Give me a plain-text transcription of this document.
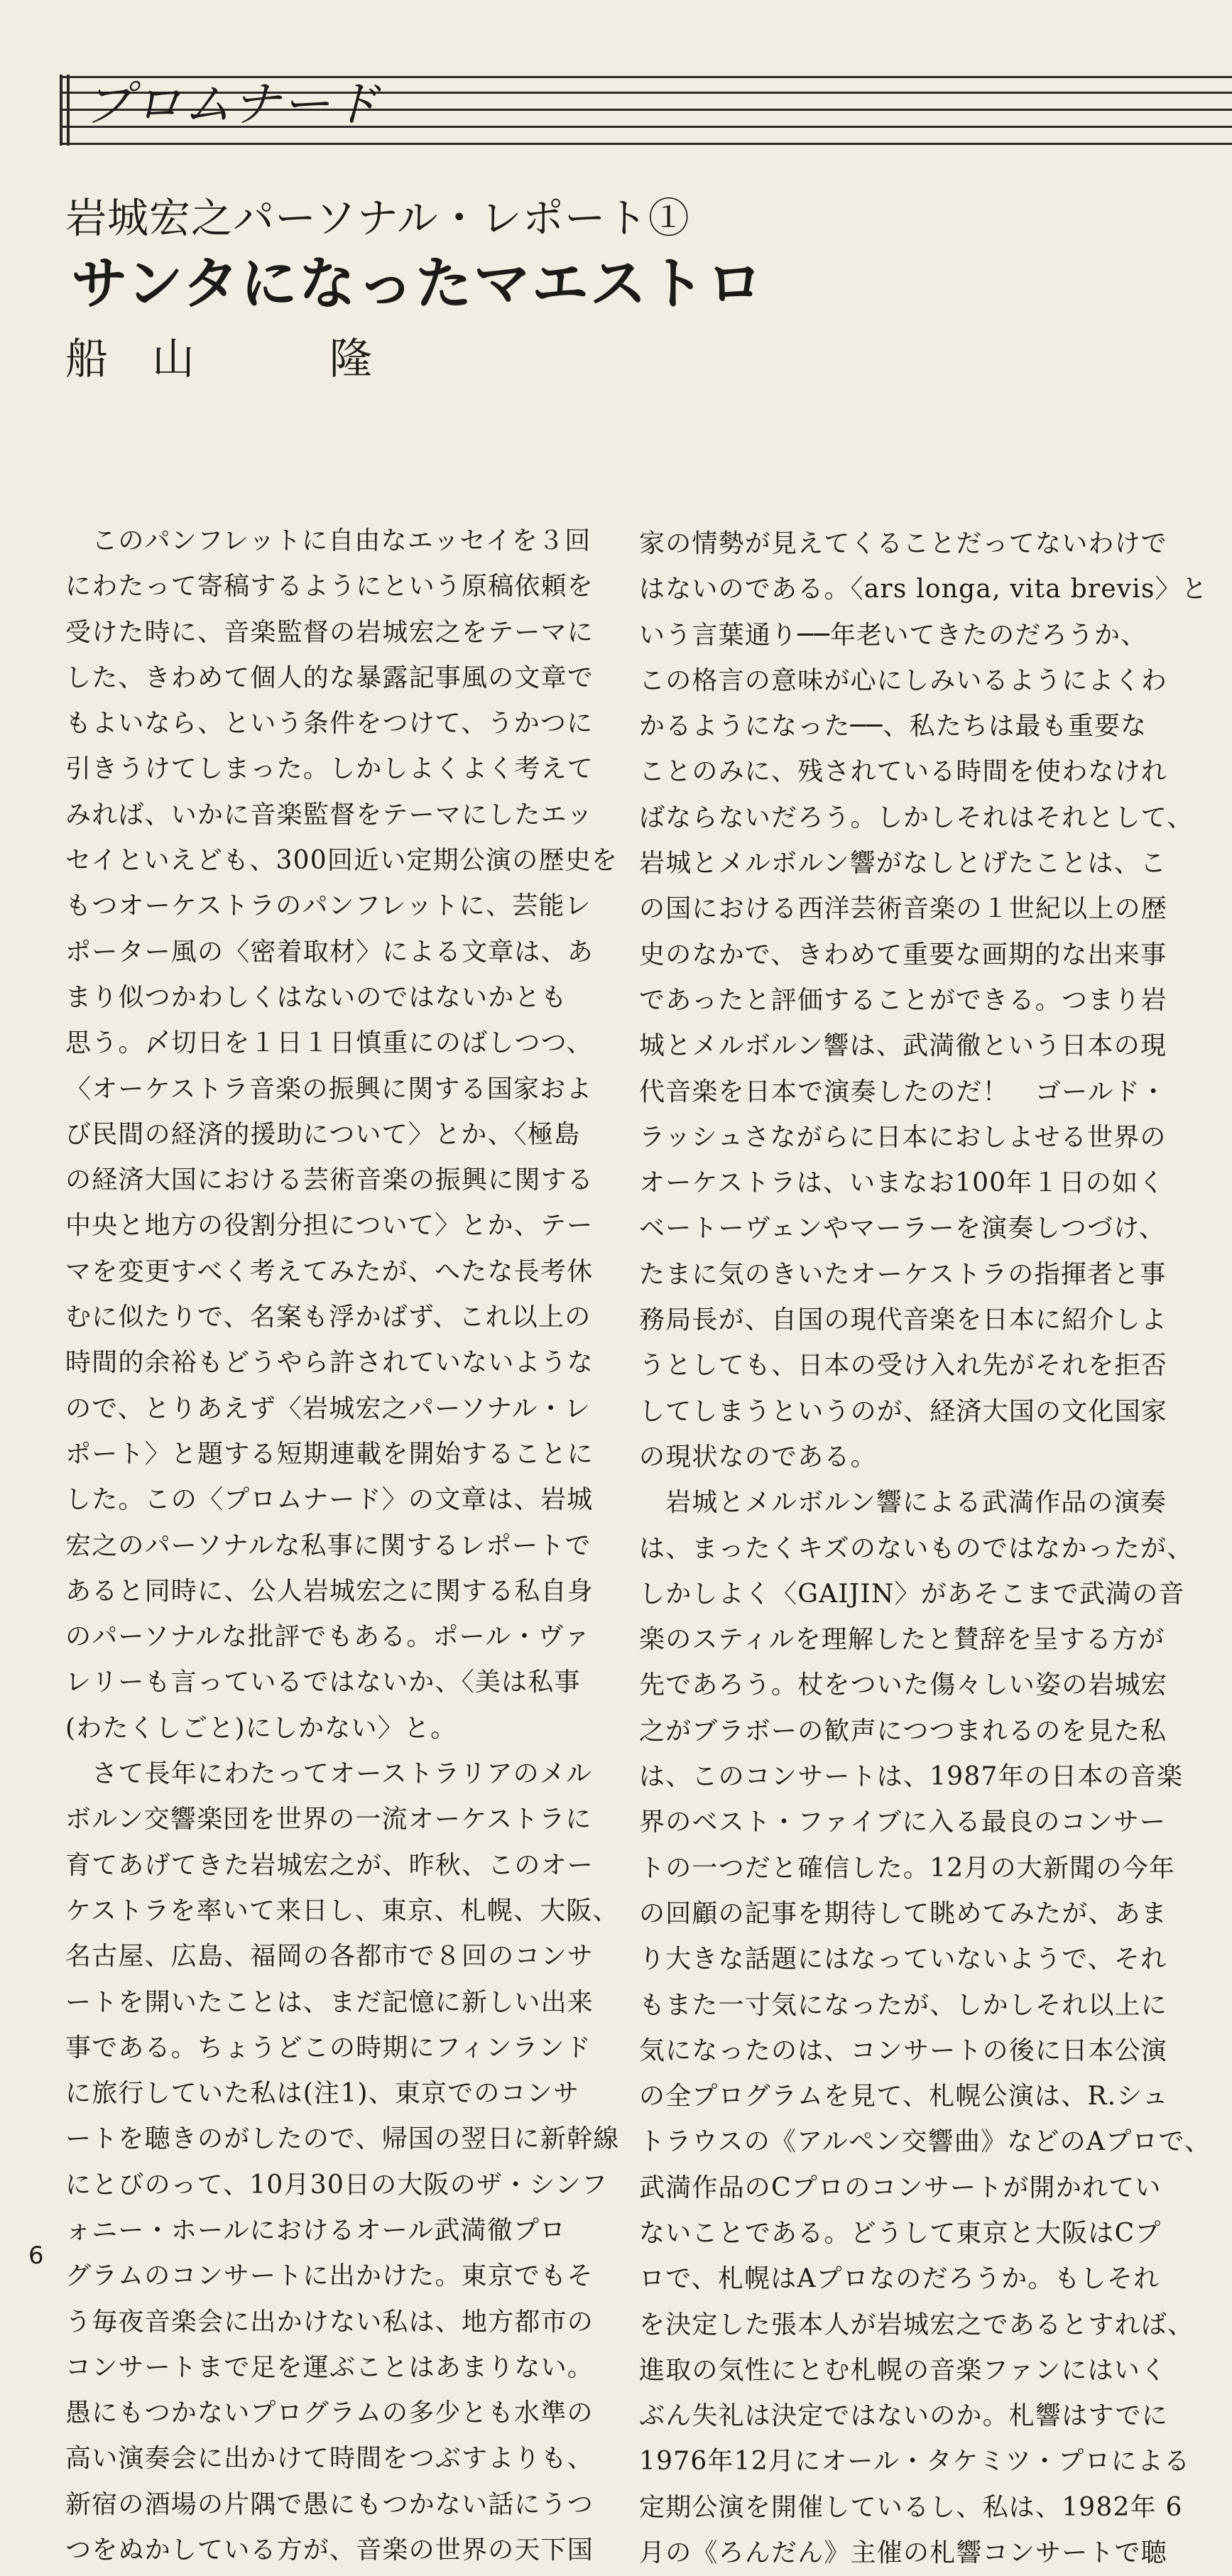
プロムナード
岩城宏之パーソナル・レポート①
サンタになったマエストロ
船 山	隆
　このパンフレットに自由なエッセイを３回
にわたって寄稿するようにという原稿依頼を
受けた時に、音楽監督の岩城宏之をテーマに
した、きわめて個人的な暴露記事風の文章で
もよいなら、という条件をつけて、うかつに
引きうけてしまった。しかしよくよく考えて
みれば、いかに音楽監督をテーマにしたエッ
セイといえども、300回近い定期公演の歴史を
もつオーケストラのパンフレットに、芸能レ
ポーター風の〈密着取材〉による文章は、あ
まり似つかわしくはないのではないかとも
思う。〆切日を１日１日慎重にのばしつつ、
〈オーケストラ音楽の振興に関する国家およ
び民間の経済的援助について〉とか、〈極島
の経済大国における芸術音楽の振興に関する
中央と地方の役割分担について〉とか、テー
マを変更すべく考えてみたが、へたな長考休
むに似たりで、名案も浮かばず、これ以上の
時間的余裕もどうやら許されていないような
ので、とりあえず〈岩城宏之パーソナル・レ
ポート〉と題する短期連載を開始することに
した。この〈プロムナード〉の文章は、岩城
宏之のパーソナルな私事に関するレポートで
あると同時に、公人岩城宏之に関する私自身
のパーソナルな批評でもある。ポール・ヴァ
レリーも言っているではないか、〈美は私事
(わたくしごと)にしかない〉と。
　さて長年にわたってオーストラリアのメル
ボルン交響楽団を世界の一流オーケストラに
育てあげてきた岩城宏之が、昨秋、このオー
ケストラを率いて来日し、東京、札幌、大阪、
名古屋、広島、福岡の各都市で８回のコンサ
ートを開いたことは、まだ記憶に新しい出来
事である。ちょうどこの時期にフィンランド
に旅行していた私は(注1)、東京でのコンサ
ートを聴きのがしたので、帰国の翌日に新幹線
にとびのって、10月30日の大阪のザ・シンフ
ォニー・ホールにおけるオール武満徹プロ
グラムのコンサートに出かけた。東京でもそ
う毎夜音楽会に出かけない私は、地方都市の
コンサートまで足を運ぶことはあまりない。
愚にもつかないプログラムの多少とも水準の
高い演奏会に出かけて時間をつぶすよりも、
新宿の酒場の片隅で愚にもつかない話にうつ
つをぬかしている方が、音楽の世界の天下国
家の情勢が見えてくることだってないわけで
はないのである。〈ars longa, vita brevis〉と
いう言葉通り──年老いてきたのだろうか、
この格言の意味が心にしみいるようによくわ
かるようになった──、私たちは最も重要な
ことのみに、残されている時間を使わなけれ
ばならないだろう。しかしそれはそれとして、
岩城とメルボルン響がなしとげたことは、こ
の国における西洋芸術音楽の１世紀以上の歴
史のなかで、きわめて重要な画期的な出来事
であったと評価することができる。つまり岩
城とメルボルン響は、武満徹という日本の現
代音楽を日本で演奏したのだ！　ゴールド・
ラッシュさながらに日本におしよせる世界の
オーケストラは、いまなお100年１日の如く
ベートーヴェンやマーラーを演奏しつづけ、
たまに気のきいたオーケストラの指揮者と事
務局長が、自国の現代音楽を日本に紹介しよ
うとしても、日本の受け入れ先がそれを拒否
してしまうというのが、経済大国の文化国家
の現状なのである。
　岩城とメルボルン響による武満作品の演奏
は、まったくキズのないものではなかったが、
しかしよく〈GAIJIN〉があそこまで武満の音
楽のスティルを理解したと賛辞を呈する方が
先であろう。杖をついた傷々しい姿の岩城宏
之がブラボーの歓声につつまれるのを見た私
は、このコンサートは、1987年の日本の音楽
界のベスト・ファイブに入る最良のコンサー
トの一つだと確信した。12月の大新聞の今年
の回顧の記事を期待して眺めてみたが、あま
り大きな話題にはなっていないようで、それ
もまた一寸気になったが、しかしそれ以上に
気になったのは、コンサートの後に日本公演
の全プログラムを見て、札幌公演は、R.シュ
トラウスの《アルペン交響曲》などのAプロで、
武満作品のCプロのコンサートが開かれてい
ないことである。どうして東京と大阪はCプ
ロで、札幌はAプロなのだろうか。もしそれ
を決定した張本人が岩城宏之であるとすれば、
進取の気性にとむ札幌の音楽ファンにはいく
ぶん失礼は決定ではないのか。札響はすでに
1976年12月にオール・タケミツ・プロによる
定期公演を開催しているし、私は、1982年 6
月の《ろんだん》主催の札響コンサートで聴
6
